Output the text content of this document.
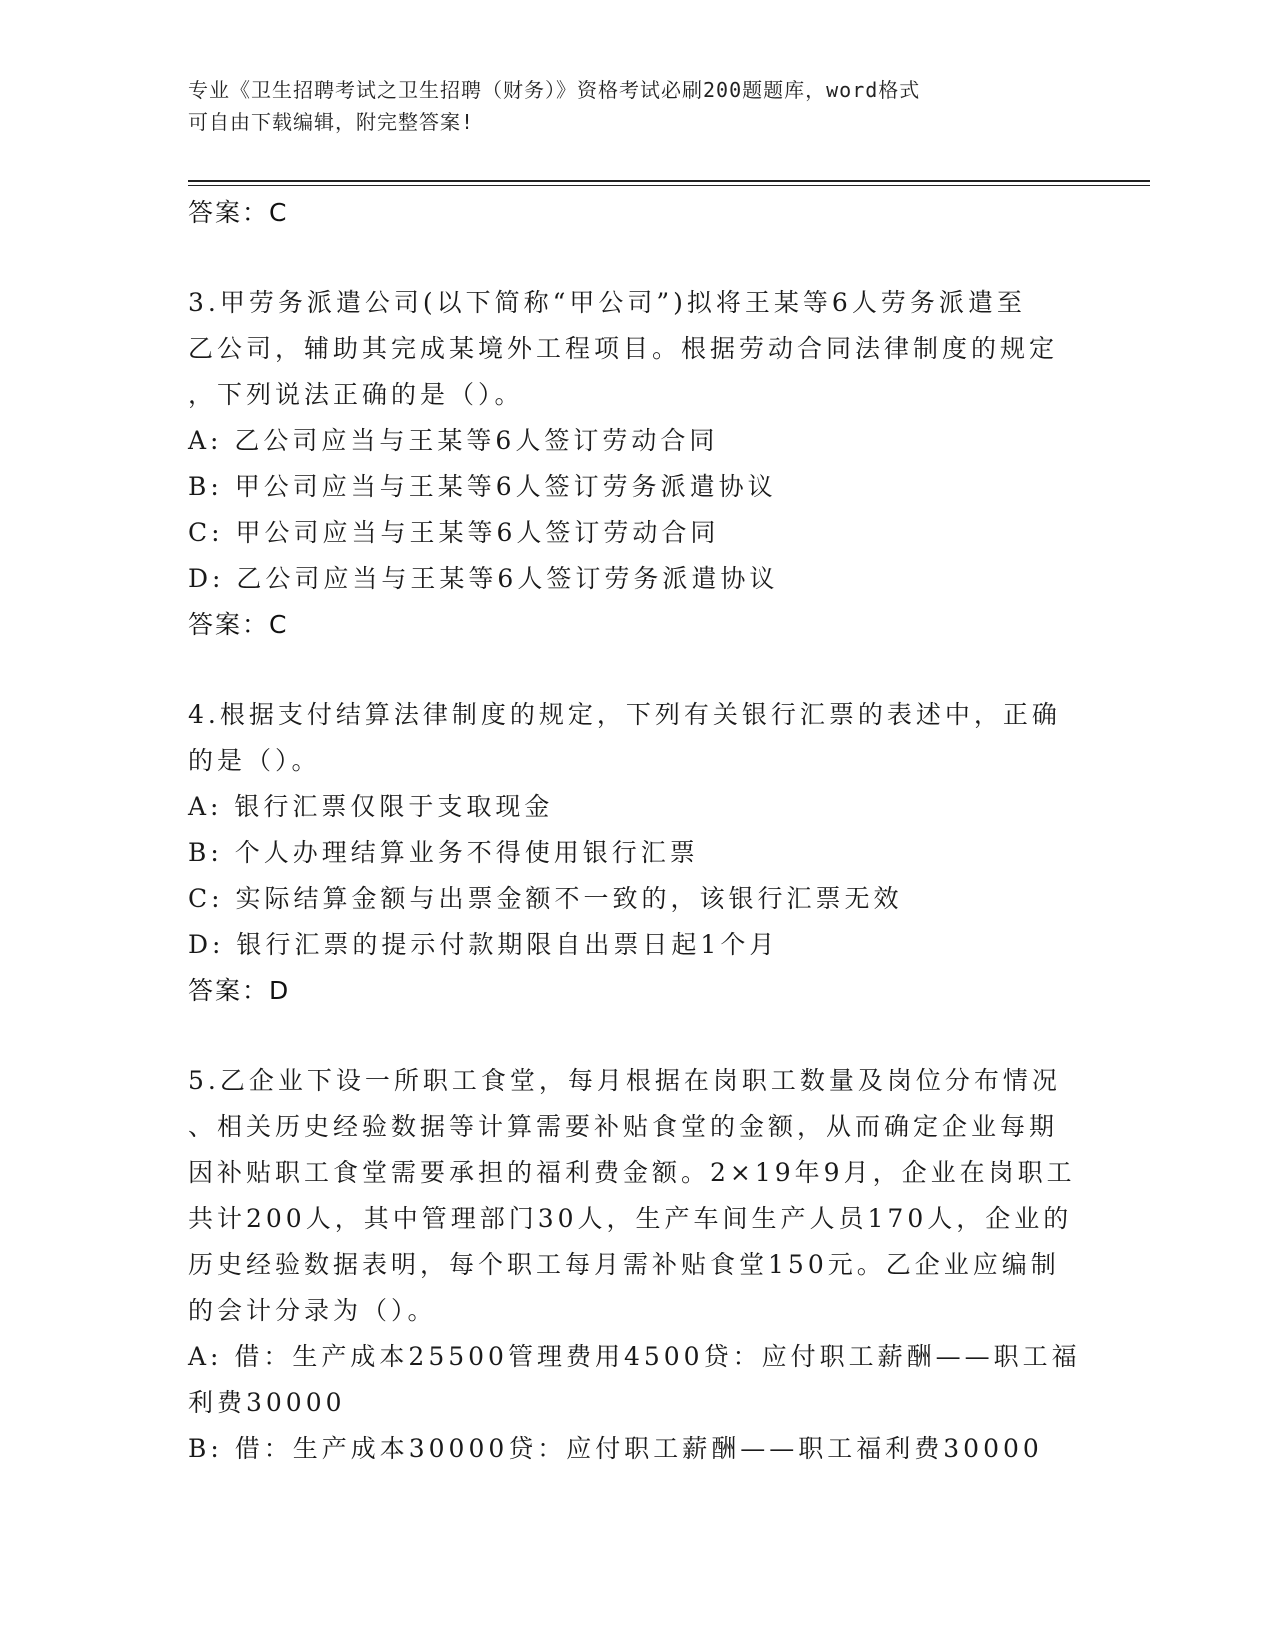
专业《卫生招聘考试之卫生招聘（财务）》资格考试必刷200题题库，word格式
可自由下载编辑，附完整答案!
答案：C
3.甲劳务派遣公司(以下简称“甲公司”)拟将王某等6人劳务派遣至
乙公司，辅助其完成某境外工程项目。根据劳动合同法律制度的规定
，下列说法正确的是（）。
A: 乙公司应当与王某等6人签订劳动合同
B: 甲公司应当与王某等6人签订劳务派遣协议
C: 甲公司应当与王某等6人签订劳动合同
D: 乙公司应当与王某等6人签订劳务派遣协议
答案：C
4.根据支付结算法律制度的规定，下列有关银行汇票的表述中，正确
的是（）。
A: 银行汇票仅限于支取现金
B: 个人办理结算业务不得使用银行汇票
C: 实际结算金额与出票金额不一致的，该银行汇票无效
D: 银行汇票的提示付款期限自出票日起1个月
答案：D
5.乙企业下设一所职工食堂，每月根据在岗职工数量及岗位分布情况
、相关历史经验数据等计算需要补贴食堂的金额，从而确定企业每期
因补贴职工食堂需要承担的福利费金额。2×19年9月，企业在岗职工
共计200人，其中管理部门30人，生产车间生产人员170人，企业的
历史经验数据表明，每个职工每月需补贴食堂150元。乙企业应编制
的会计分录为（）。
A: 借：生产成本25500管理费用4500贷：应付职工薪酬——职工福
利费30000
B: 借：生产成本30000贷：应付职工薪酬——职工福利费30000
